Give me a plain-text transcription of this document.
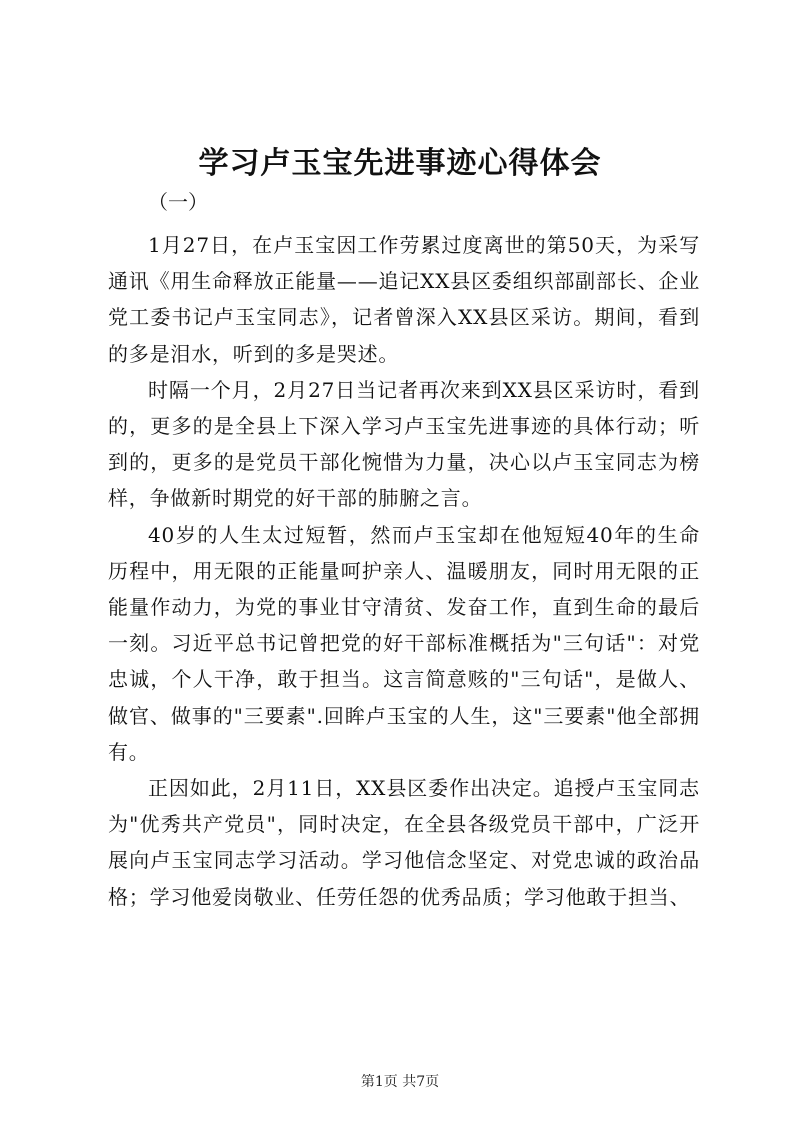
学习卢玉宝先进事迹心得体会
（一）

1月27日，在卢玉宝因工作劳累过度离世的第50天，为采写通讯《用生命释放正能量——追记XX县区委组织部副部长、企业党工委书记卢玉宝同志》，记者曾深入XX县区采访。期间，看到的多是泪水，听到的多是哭述。

时隔一个月，2月27日当记者再次来到XX县区采访时，看到的，更多的是全县上下深入学习卢玉宝先进事迹的具体行动；听到的，更多的是党员干部化惋惜为力量，决心以卢玉宝同志为榜样，争做新时期党的好干部的肺腑之言。

40岁的人生太过短暂，然而卢玉宝却在他短短40年的生命历程中，用无限的正能量呵护亲人、温暖朋友，同时用无限的正能量作动力，为党的事业甘守清贫、发奋工作，直到生命的最后一刻。习近平总书记曾把党的好干部标准概括为"三句话"：对党忠诚，个人干净，敢于担当。这言简意赅的"三句话"，是做人、做官、做事的"三要素".回眸卢玉宝的人生，这"三要素"他全部拥有。

正因如此，2月11日，XX县区委作出决定。追授卢玉宝同志为"优秀共产党员"，同时决定，在全县各级党员干部中，广泛开展向卢玉宝同志学习活动。学习他信念坚定、对党忠诚的政治品格；学习他爱岗敬业、任劳任怨的优秀品质；学习他敢于担当、

第1页 共7页
